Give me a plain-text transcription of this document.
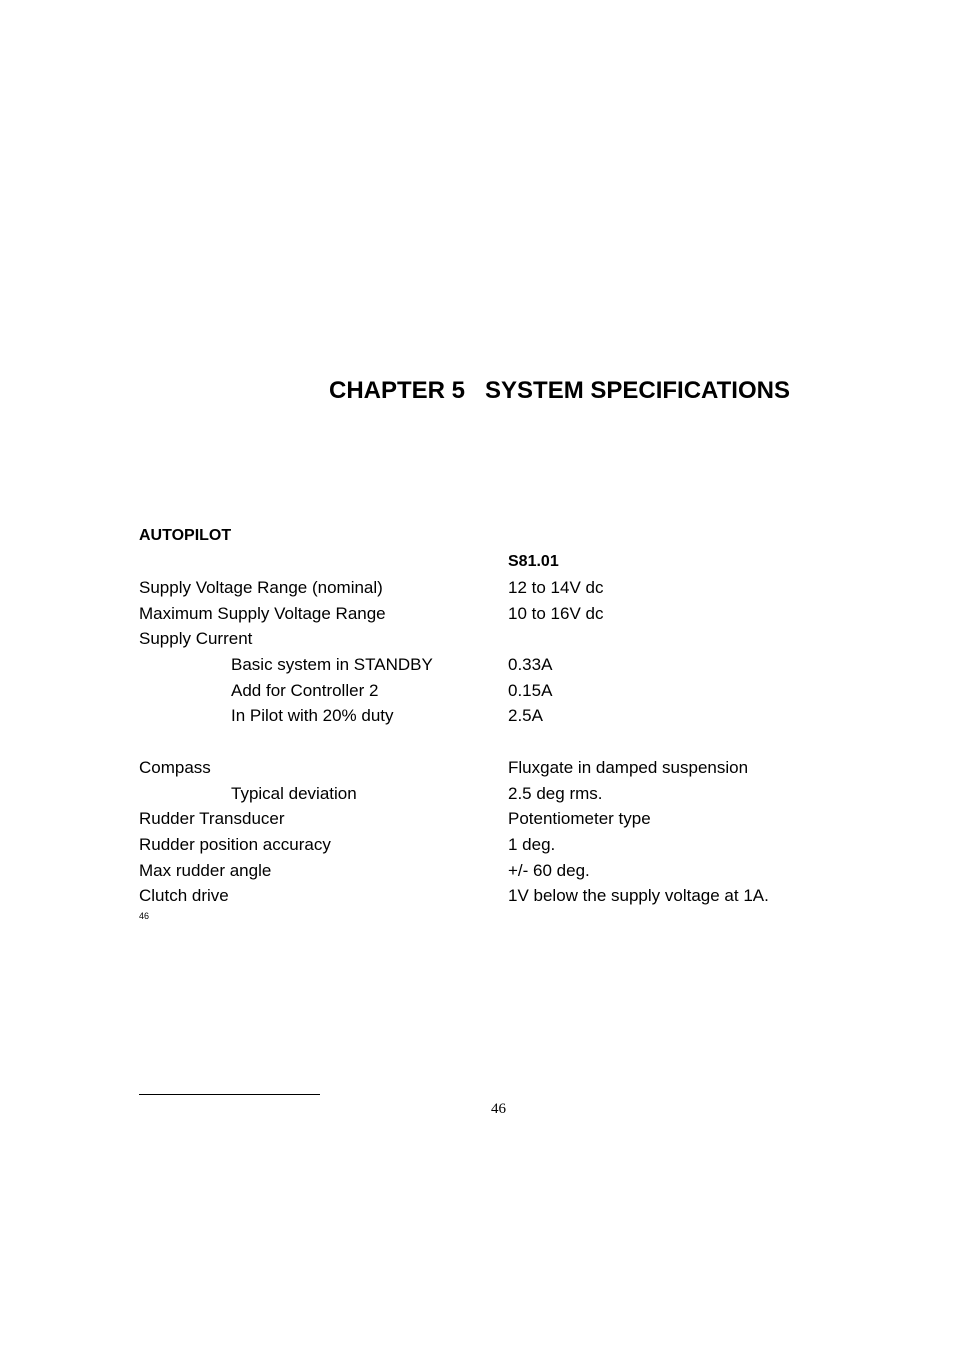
CHAPTER 5   SYSTEM SPECIFICATIONS
AUTOPILOT
S81.01
Supply Voltage Range (nominal)	12 to 14V dc
Maximum Supply Voltage Range	10 to 16V dc
Supply Current
Basic system in STANDBY	0.33A
Add for Controller 2	0.15A
In Pilot with 20% duty	2.5A
Compass	Fluxgate in damped suspension
Typical deviation	2.5 deg rms.
Rudder Transducer	Potentiometer type
Rudder position accuracy	1 deg.
Max rudder angle	+/- 60 deg.
Clutch drive	1V below the supply voltage at 1A.
46
46
